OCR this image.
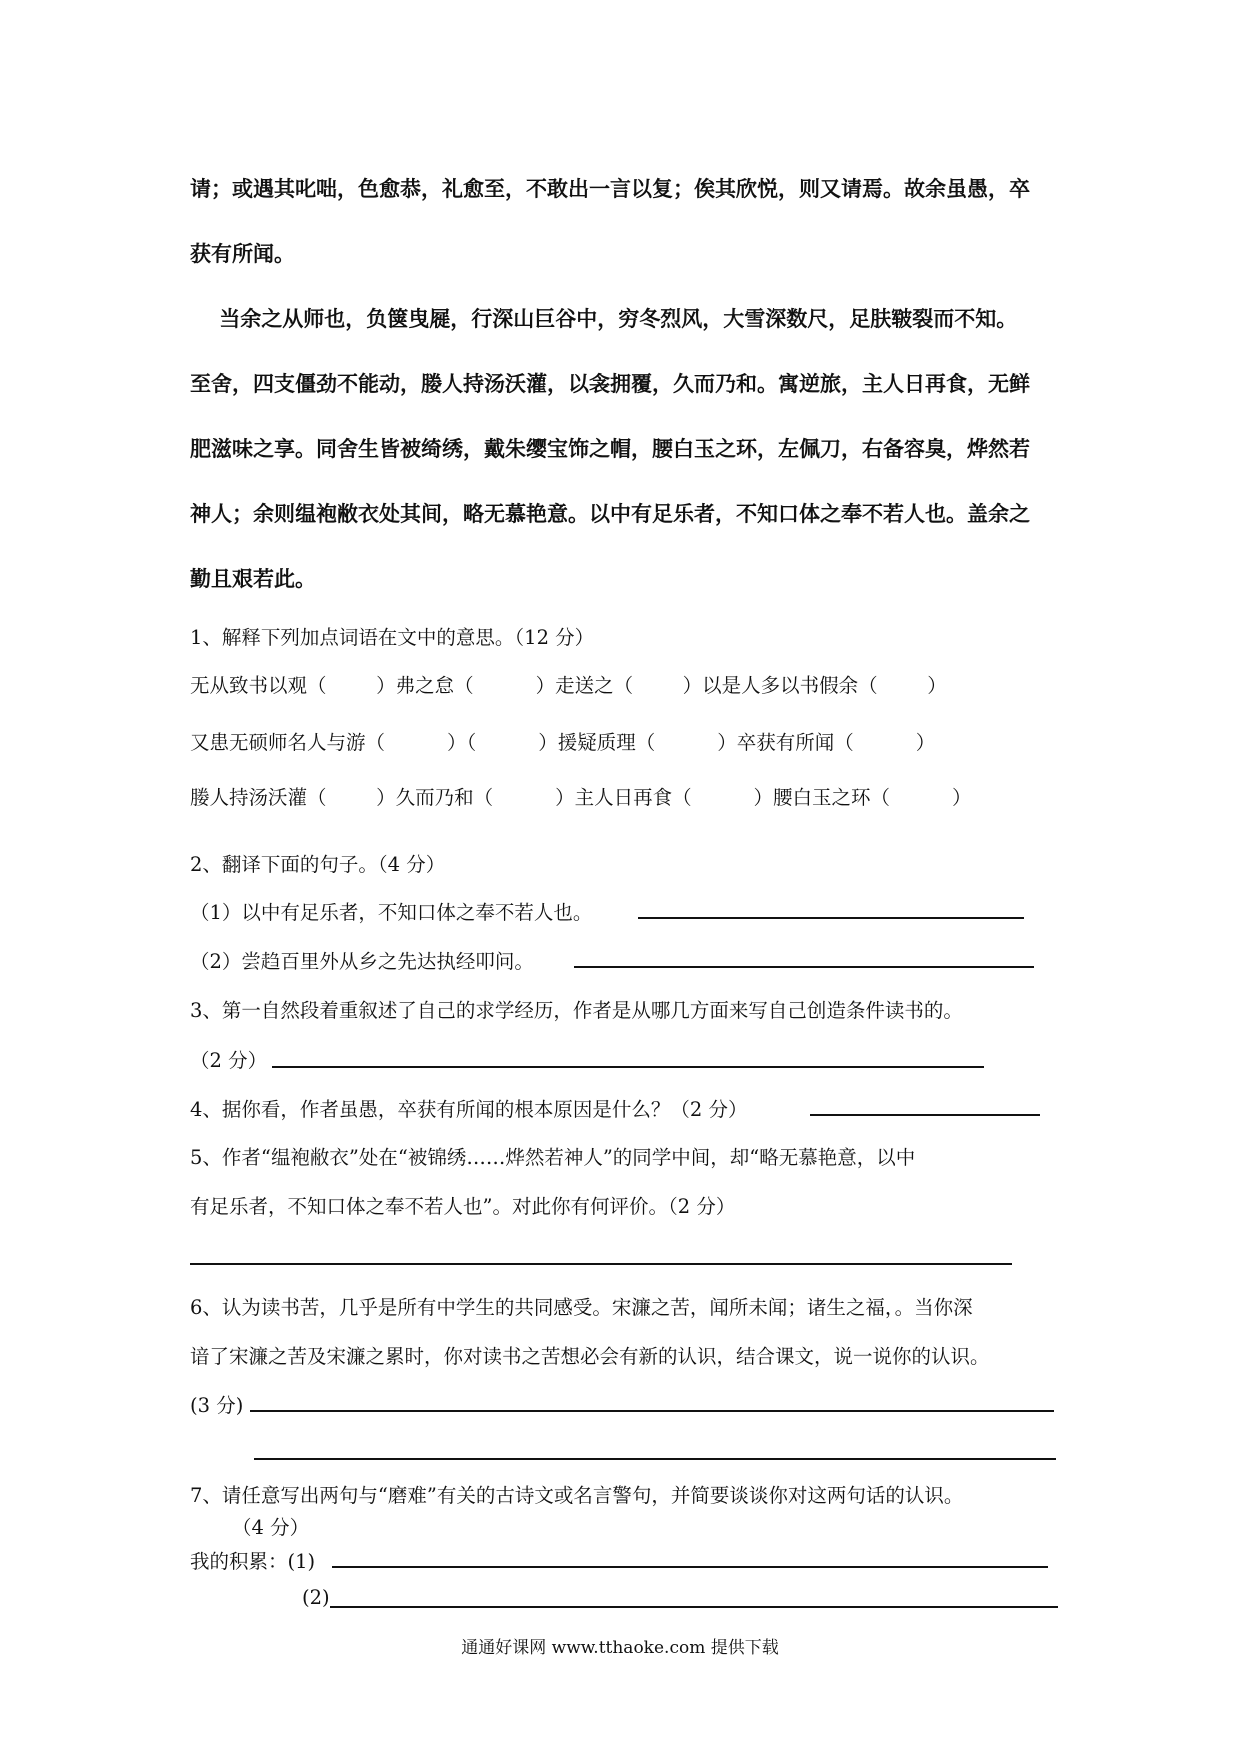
请；或遇其叱咄，色愈恭，礼愈至，不敢出一言以复；俟其欣悦，则又请焉。故余虽愚，卒
获有所闻。
当余之从师也，负箧曳屣，行深山巨谷中，穷冬烈风，大雪深数尺，足肤皲裂而不知。
至舍，四支僵劲不能动，媵人持汤沃灌，以衾拥覆，久而乃和。寓逆旅，主人日再食，无鲜
肥滋味之享。同舍生皆被绮绣，戴朱缨宝饰之帽，腰白玉之环，左佩刀，右备容臭，烨然若
神人；余则缊袍敝衣处其间，略无慕艳意。以中有足乐者，不知口体之奉不若人也。盖余之
勤且艰若此。
1、解释下列加点词语在文中的意思。（12 分）
无从致书以观（        ）弗之怠（          ）走送之（        ）以是人多以书假余（        ）
又患无硕师名人与游（          ）（          ）援疑质理（          ）卒获有所闻（          ）
媵人持汤沃灌（        ）久而乃和（          ）主人日再食（          ）腰白玉之环（          ）
2、翻译下面的句子。（4 分）
（1）以中有足乐者，不知口体之奉不若人也。
（2）尝趋百里外从乡之先达执经叩问。
3、第一自然段着重叙述了自己的求学经历，作者是从哪几方面来写自己创造条件读书的。
（2 分）
4、据你看，作者虽愚，卒获有所闻的根本原因是什么？（2 分）
5、作者“缊袍敝衣”处在“被锦绣……烨然若神人”的同学中间，却“略无慕艳意，以中
有足乐者，不知口体之奉不若人也”。对此你有何评价。（2 分）
6、认为读书苦，几乎是所有中学生的共同感受。宋濂之苦，闻所未闻；诸生之福，。当你深
谙了宋濂之苦及宋濂之累时，你对读书之苦想必会有新的认识，结合课文，说一说你的认识。
(3 分)
7、请任意写出两句与“磨难”有关的古诗文或名言警句，并简要谈谈你对这两句话的认识。
（4 分）
我的积累：(1)
(2)
通通好课网 www.tthaoke.com 提供下载
